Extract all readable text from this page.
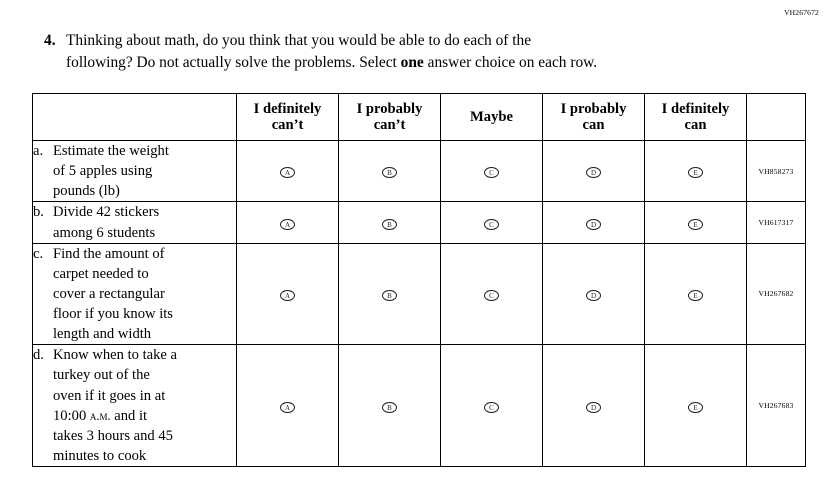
VH267672
4. Thinking about math, do you think that you would be able to do each of the
following? Do not actually solve the problems. Select one answer choice on each row.
	I definitely
can’t	I probably
can’t	Maybe	I probably
can	I definitely
can	

a. Estimate the weight
of 5 apples using
pounds (lb)	A	B	C	D	E	VH858273

b. Divide 42 stickers
among 6 students	A	B	C	D	E	VH617317

c. Find the amount of
carpet needed to
cover a rectangular
floor if you know its
length and width
	A	B	C	D	E	VH267682

d. Know when to take a
turkey out of the
oven if it goes in at
10:00 a.m. and it
takes 3 hours and 45
minutes to cook
	A	B	C	D	E	VH267683
